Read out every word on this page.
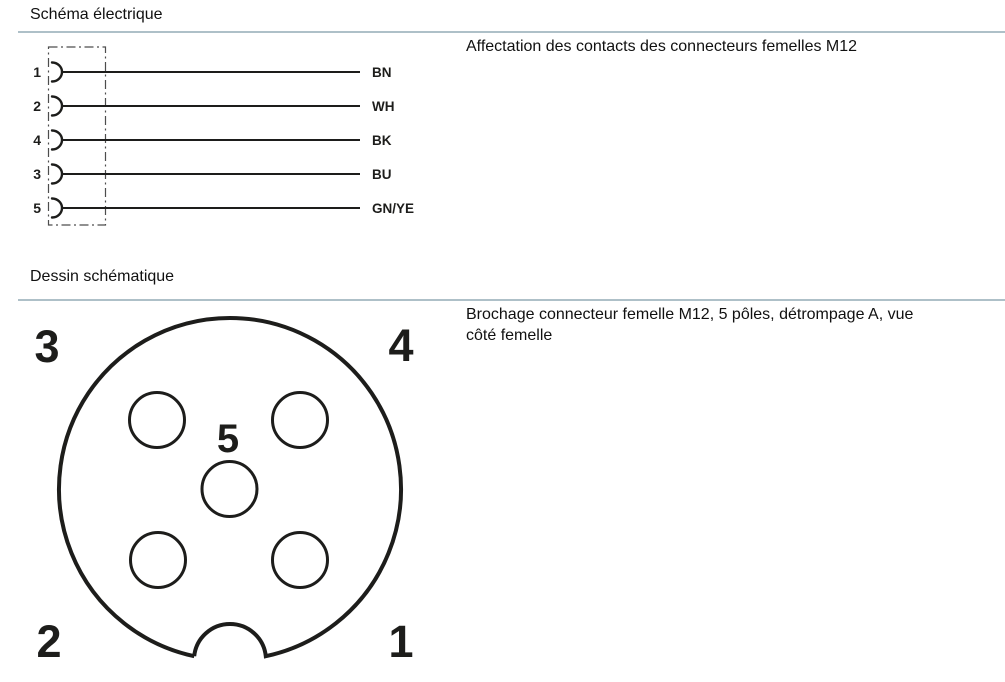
Schéma électrique
Affectation des contacts des connecteurs femelles M12
1	BN
2	WH
4	BK
3	BU
5	GN/YE
Dessin schématique
Brochage connecteur femelle M12, 5 pôles, détrompage A, vue
côté femelle
3	4
2	1
5
